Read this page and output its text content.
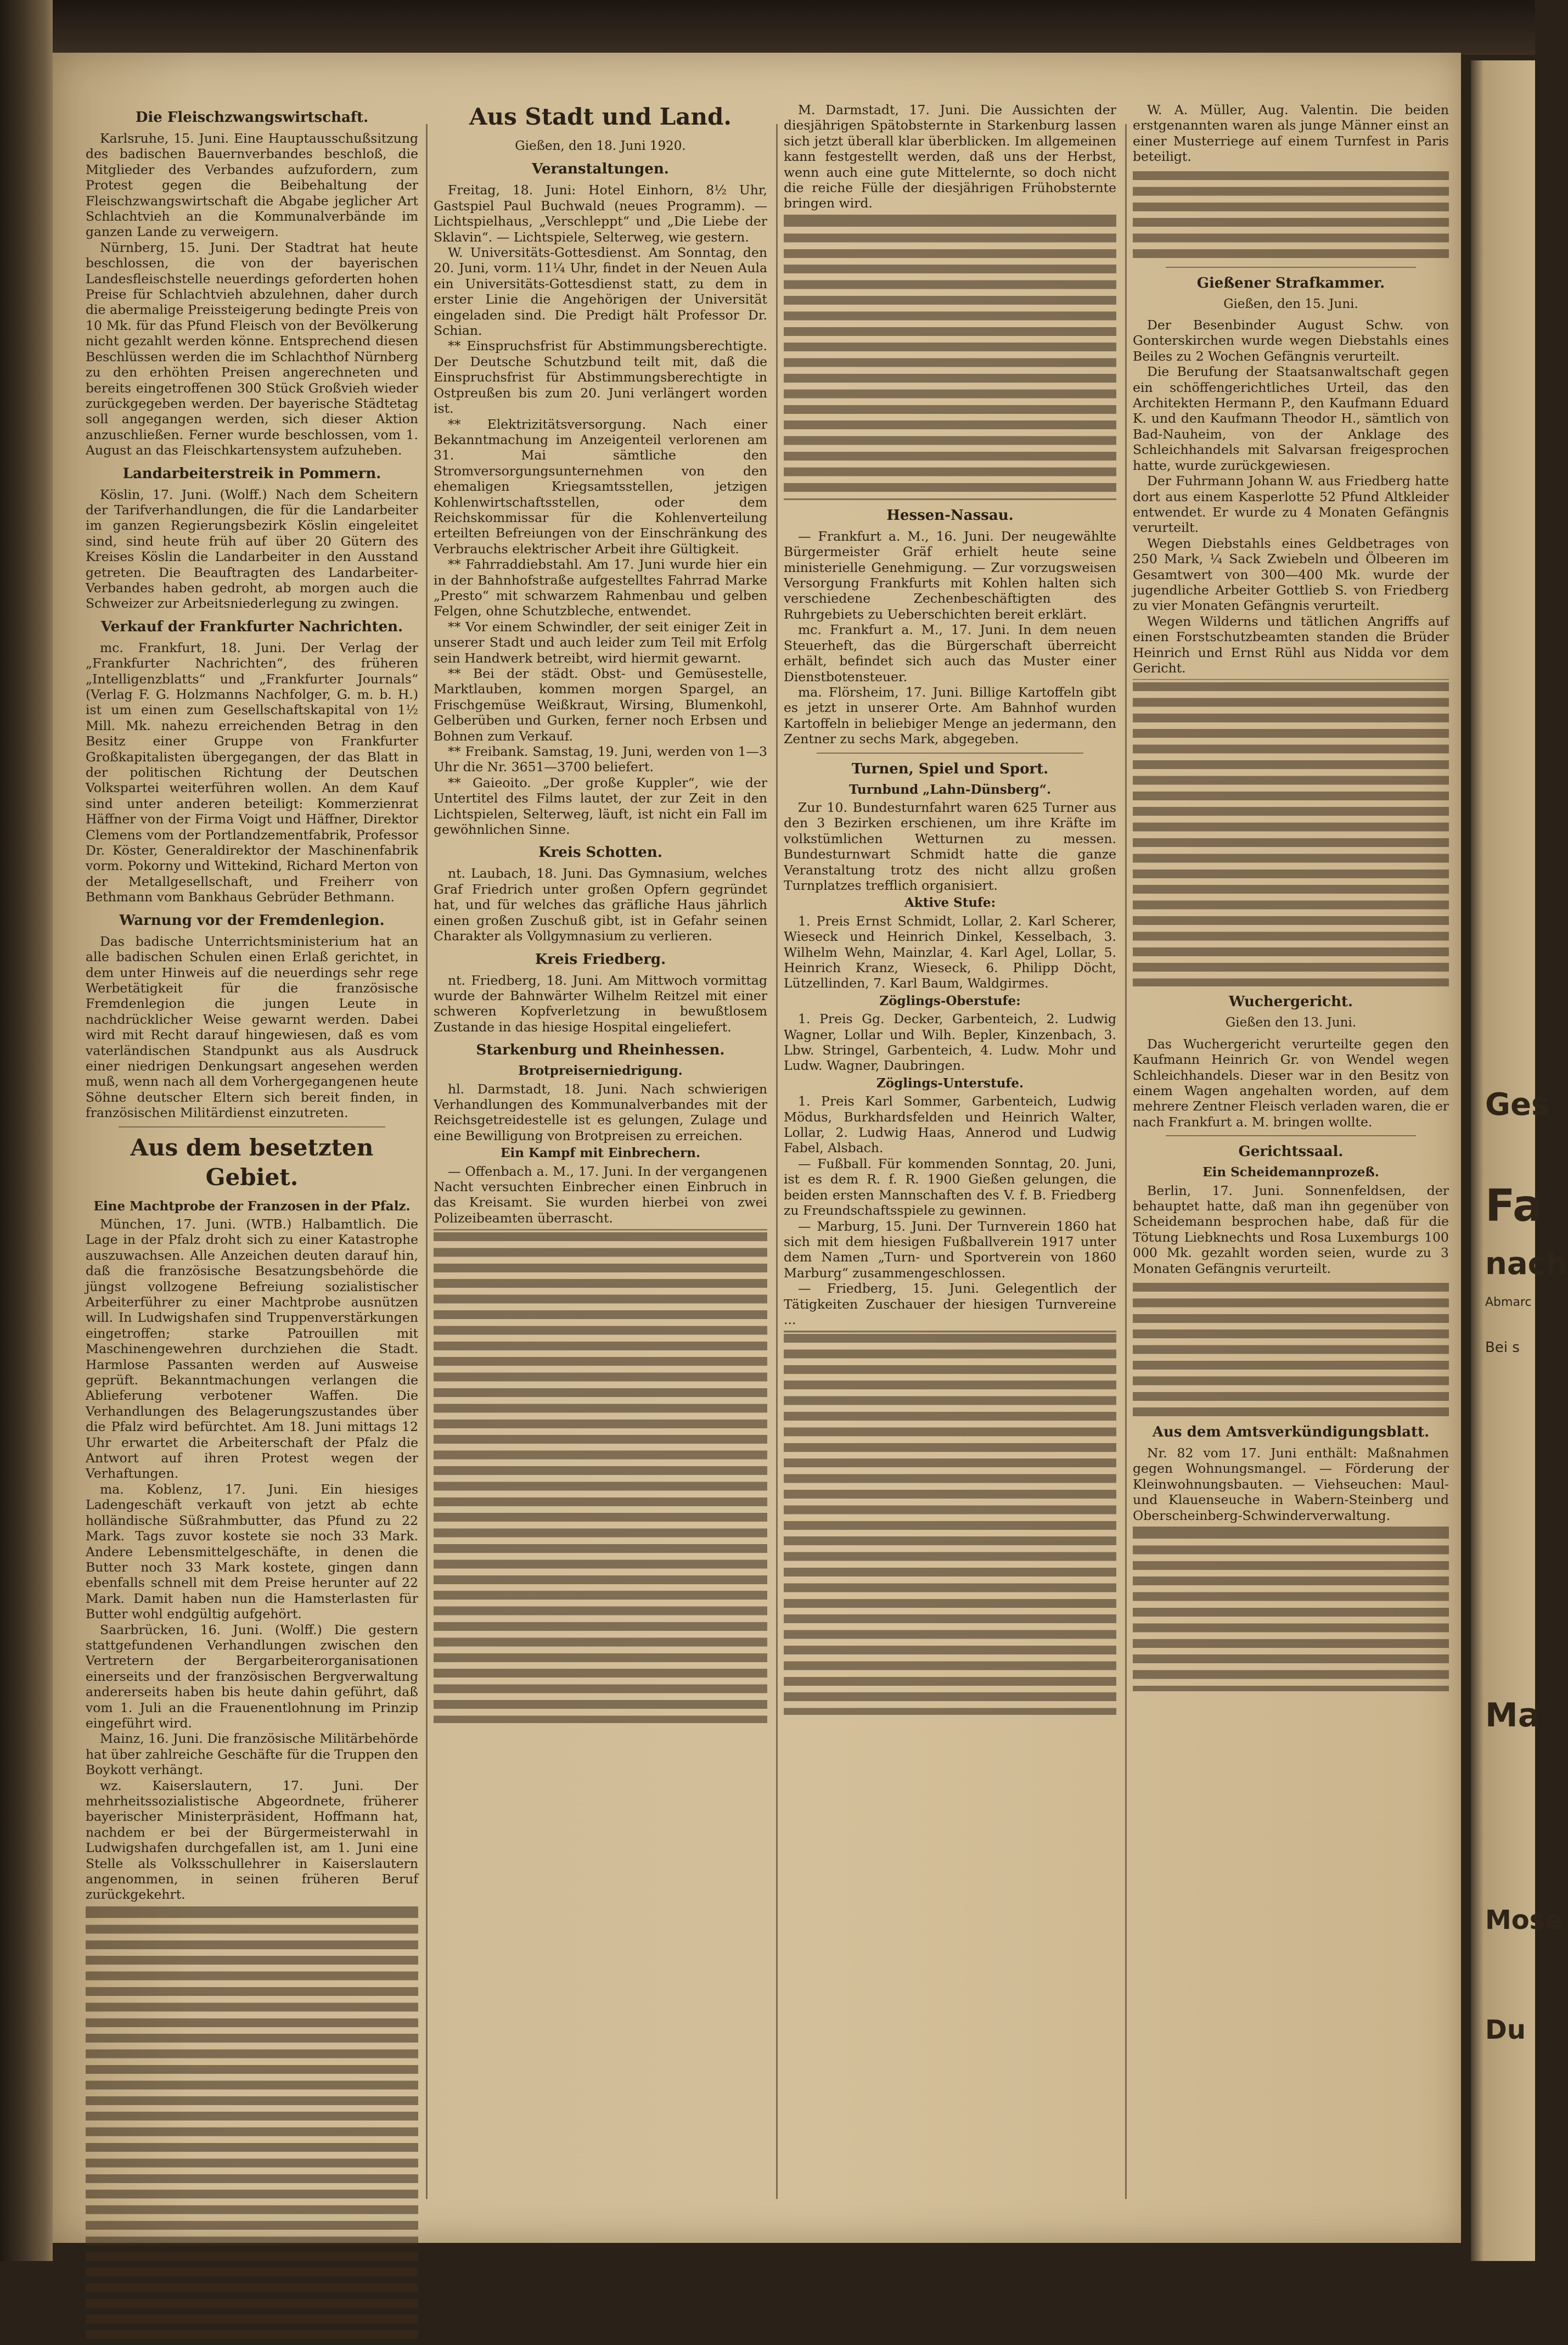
Die Fleischzwangswirtschaft.

Karlsruhe, 15. Juni. Eine Hauptausschußsitzung des badischen Bauernverbandes beschloß, die Mitglieder des Verbandes aufzufordern, zum Protest gegen die Beibehaltung der Fleischzwangswirtschaft die Abgabe jeglicher Art Schlachtvieh an die Kommunalverbände im ganzen Lande zu verweigern.

Nürnberg, 15. Juni. Der Stadtrat hat heute beschlossen, die von der bayerischen Landesfleischstelle neuerdings geforderten hohen Preise für Schlachtvieh abzulehnen, daher durch die abermalige Preissteigerung bedingte Preis von 10 Mk. für das Pfund Fleisch von der Bevölkerung nicht gezahlt werden könne. Entsprechend diesen Beschlüssen werden die im Schlachthof Nürnberg zu den erhöhten Preisen angerechneten und bereits eingetroffenen 300 Stück Großvieh wieder zurückgegeben werden. Der bayerische Städtetag soll angegangen werden, sich dieser Aktion anzuschließen. Ferner wurde beschlossen, vom 1. August an das Fleischkartensystem aufzuheben.

Landarbeiterstreik in Pommern.

Köslin, 17. Juni. (Wolff.) Nach dem Scheitern der Tarifverhandlungen, die für die Landarbeiter im ganzen Regierungsbezirk Köslin eingeleitet sind, sind heute früh auf über 20 Gütern des Kreises Köslin die Landarbeiter in den Ausstand getreten. Die Beauftragten des Landarbeiter-Verbandes haben gedroht, ab morgen auch die Schweizer zur Arbeitsniederlegung zu zwingen.

Verkauf der Frankfurter Nachrichten.

mc. Frankfurt, 18. Juni. Der Verlag der „Frankfurter Nachrichten“, des früheren „Intelligenzblatts“ und „Frankfurter Journals“ (Verlag F. G. Holzmanns Nachfolger, G. m. b. H.) ist um einen zum Gesellschaftskapital von 1½ Mill. Mk. nahezu erreichenden Betrag in den Besitz einer Gruppe von Frankfurter Großkapitalisten übergegangen, der das Blatt in der politischen Richtung der Deutschen Volkspartei weiterführen wollen. An dem Kauf sind unter anderen beteiligt: Kommerzienrat Häffner von der Firma Voigt und Häffner, Direktor Clemens vom der Portlandzementfabrik, Professor Dr. Köster, Generaldirektor der Maschinenfabrik vorm. Pokorny und Wittekind, Richard Merton von der Metallgesellschaft, und Freiherr von Bethmann vom Bankhaus Gebrüder Bethmann.

Warnung vor der Fremdenlegion.

Das badische Unterrichtsministerium hat an alle badischen Schulen einen Erlaß gerichtet, in dem unter Hinweis auf die neuerdings sehr rege Werbetätigkeit für die französische Fremdenlegion die jungen Leute in nachdrücklicher Weise gewarnt werden. Dabei wird mit Recht darauf hingewiesen, daß es vom vaterländischen Standpunkt aus als Ausdruck einer niedrigen Denkungsart angesehen werden muß, wenn nach all dem Vorhergegangenen heute Söhne deutscher Eltern sich bereit finden, in französischen Militärdienst einzutreten.

Aus dem besetzten Gebiet.
Eine Machtprobe der Franzosen in der Pfalz.

München, 17. Juni. (WTB.) Halbamtlich. Die Lage in der Pfalz droht sich zu einer Katastrophe auszuwachsen. Alle Anzeichen deuten darauf hin, daß die französische Besatzungsbehörde die jüngst vollzogene Befreiung sozialistischer Arbeiterführer zu einer Machtprobe ausnützen will. In Ludwigshafen sind Truppenverstärkungen eingetroffen; starke Patrouillen mit Maschinengewehren durchziehen die Stadt. Harmlose Passanten werden auf Ausweise geprüft. Bekanntmachungen verlangen die Ablieferung verbotener Waffen. Die Verhandlungen des Belagerungszustandes über die Pfalz wird befürchtet. Am 18. Juni mittags 12 Uhr erwartet die Arbeiterschaft der Pfalz die Antwort auf ihren Protest wegen der Verhaftungen.

ma. Koblenz, 17. Juni. Ein hiesiges Ladengeschäft verkauft von jetzt ab echte holländische Süßrahmbutter, das Pfund zu 22 Mark. Tags zuvor kostete sie noch 33 Mark. Andere Lebensmittelgeschäfte, in denen die Butter noch 33 Mark kostete, gingen dann ebenfalls schnell mit dem Preise herunter auf 22 Mark. Damit haben nun die Hamsterlasten für Butter wohl endgültig aufgehört.

Saarbrücken, 16. Juni. (Wolff.) Die gestern stattgefundenen Verhandlungen zwischen den Vertretern der Bergarbeiterorganisationen einerseits und der französischen Bergverwaltung andererseits haben bis heute dahin geführt, daß vom 1. Juli an die Frauenentlohnung im Prinzip eingeführt wird.

Mainz, 16. Juni. Die französische Militärbehörde hat über zahlreiche Geschäfte für die Truppen den Boykott verhängt.

wz. Kaiserslautern, 17. Juni. Der mehrheitssozialistische Abgeordnete, früherer bayerischer Ministerpräsident, Hoffmann hat, nachdem er bei der Bürgermeisterwahl in Ludwigshafen durchgefallen ist, am 1. Juni eine Stelle als Volksschullehrer in Kaiserslautern angenommen, in seinen früheren Beruf zurückgekehrt.

Aus Stadt und Land.
Gießen, den 18. Juni 1920.
Veranstaltungen.

Freitag, 18. Juni: Hotel Einhorn, 8½ Uhr, Gastspiel Paul Buchwald (neues Programm). — Lichtspielhaus, „Verschleppt“ und „Die Liebe der Sklavin“. — Lichtspiele, Selterweg, wie gestern.

W. Universitäts-Gottesdienst. Am Sonntag, den 20. Juni, vorm. 11¼ Uhr, findet in der Neuen Aula ein Universitäts-Gottesdienst statt, zu dem in erster Linie die Angehörigen der Universität eingeladen sind. Die Predigt hält Professor Dr. Schian.

** Einspruchsfrist für Abstimmungsberechtigte. Der Deutsche Schutzbund teilt mit, daß die Einspruchsfrist für Abstimmungsberechtigte in Ostpreußen bis zum 20. Juni verlängert worden ist.

** Elektrizitätsversorgung. Nach einer Bekanntmachung im Anzeigenteil verlorenen am 31. Mai sämtliche den Stromversorgungsunternehmen von den ehemaligen Kriegsamtsstellen, jetzigen Kohlenwirtschaftsstellen, oder dem Reichskommissar für die Kohlenverteilung erteilten Befreiungen von der Einschränkung des Verbrauchs elektrischer Arbeit ihre Gültigkeit.

** Fahrraddiebstahl. Am 17. Juni wurde hier ein in der Bahnhofstraße aufgestelltes Fahrrad Marke „Presto“ mit schwarzem Rahmenbau und gelben Felgen, ohne Schutzbleche, entwendet.

** Vor einem Schwindler, der seit einiger Zeit in unserer Stadt und auch leider zum Teil mit Erfolg sein Handwerk betreibt, wird hiermit gewarnt.

** Bei der städt. Obst- und Gemüsestelle, Marktlauben, kommen morgen Spargel, an Frischgemüse Weißkraut, Wirsing, Blumenkohl, Gelberüben und Gurken, ferner noch Erbsen und Bohnen zum Verkauf.

** Freibank. Samstag, 19. Juni, werden von 1—3 Uhr die Nr. 3651—3700 beliefert.

** Gaieoito. „Der große Kuppler“, wie der Untertitel des Films lautet, der zur Zeit in den Lichtspielen, Selterweg, läuft, ist nicht ein Fall im gewöhnlichen Sinne.

Kreis Schotten.

nt. Laubach, 18. Juni. Das Gymnasium, welches Graf Friedrich unter großen Opfern gegründet hat, und für welches das gräfliche Haus jährlich einen großen Zuschuß gibt, ist in Gefahr seinen Charakter als Vollgymnasium zu verlieren.

Kreis Friedberg.

nt. Friedberg, 18. Juni. Am Mittwoch vormittag wurde der Bahnwärter Wilhelm Reitzel mit einer schweren Kopfverletzung in bewußtlosem Zustande in das hiesige Hospital eingeliefert.

Starkenburg und Rheinhessen.
Brotpreiserniedrigung.

hl. Darmstadt, 18. Juni. Nach schwierigen Verhandlungen des Kommunalverbandes mit der Reichsgetreidestelle ist es gelungen, Zulage und eine Bewilligung von Brotpreisen zu erreichen.

Ein Kampf mit Einbrechern.

— Offenbach a. M., 17. Juni. In der vergangenen Nacht versuchten Einbrecher einen Einbruch in das Kreisamt. Sie wurden hierbei von zwei Polizeibeamten überrascht.

M. Darmstadt, 17. Juni. Die Aussichten der diesjährigen Spätobsternte in Starkenburg lassen sich jetzt überall klar überblicken. Im allgemeinen kann festgestellt werden, daß uns der Herbst, wenn auch eine gute Mittelernte, so doch nicht die reiche Fülle der diesjährigen Frühobsternte bringen wird.

Hessen-Nassau.

— Frankfurt a. M., 16. Juni. Der neugewählte Bürgermeister Gräf erhielt heute seine ministerielle Genehmigung. — Zur vorzugsweisen Versorgung Frankfurts mit Kohlen halten sich verschiedene Zechenbeschäftigten des Ruhrgebiets zu Ueberschichten bereit erklärt.

mc. Frankfurt a. M., 17. Juni. In dem neuen Steuerheft, das die Bürgerschaft überreicht erhält, befindet sich auch das Muster einer Dienstbotensteuer.

ma. Flörsheim, 17. Juni. Billige Kartoffeln gibt es jetzt in unserer Orte. Am Bahnhof wurden Kartoffeln in beliebiger Menge an jedermann, den Zentner zu sechs Mark, abgegeben.

Turnen, Spiel und Sport.
Turnbund „Lahn-Dünsberg“.

Zur 10. Bundesturnfahrt waren 625 Turner aus den 3 Bezirken erschienen, um ihre Kräfte im volkstümlichen Wetturnen zu messen. Bundesturnwart Schmidt hatte die ganze Veranstaltung trotz des nicht allzu großen Turnplatzes trefflich organisiert.

Aktive Stufe:

1. Preis Ernst Schmidt, Lollar, 2. Karl Scherer, Wieseck und Heinrich Dinkel, Kesselbach, 3. Wilhelm Wehn, Mainzlar, 4. Karl Agel, Lollar, 5. Heinrich Kranz, Wieseck, 6. Philipp Döcht, Lützellinden, 7. Karl Baum, Waldgirmes.

Zöglings-Oberstufe:

1. Preis Gg. Decker, Garbenteich, 2. Ludwig Wagner, Lollar und Wilh. Bepler, Kinzenbach, 3. Lbw. Stringel, Garbenteich, 4. Ludw. Mohr und Ludw. Wagner, Daubringen.

Zöglings-Unterstufe.

1. Preis Karl Sommer, Garbenteich, Ludwig Mödus, Burkhardsfelden und Heinrich Walter, Lollar, 2. Ludwig Haas, Annerod und Ludwig Fabel, Alsbach.

— Fußball. Für kommenden Sonntag, 20. Juni, ist es dem R. f. R. 1900 Gießen gelungen, die beiden ersten Mannschaften des V. f. B. Friedberg zu Freundschaftsspiele zu gewinnen.

— Marburg, 15. Juni. Der Turnverein 1860 hat sich mit dem hiesigen Fußballverein 1917 unter dem Namen „Turn- und Sportverein von 1860 Marburg“ zusammengeschlossen.

— Friedberg, 15. Juni. Gelegentlich der Tätigkeiten Zuschauer der hiesigen Turnvereine ...

W. A. Müller, Aug. Valentin. Die beiden erstgenannten waren als junge Männer einst an einer Musterriege auf einem Turnfest in Paris beteiligt.

Gießener Strafkammer.
Gießen, den 15. Juni.

Der Besenbinder August Schw. von Gonterskirchen wurde wegen Diebstahls eines Beiles zu 2 Wochen Gefängnis verurteilt.

Die Berufung der Staatsanwaltschaft gegen ein schöffengerichtliches Urteil, das den Architekten Hermann P., den Kaufmann Eduard K. und den Kaufmann Theodor H., sämtlich von Bad-Nauheim, von der Anklage des Schleichhandels mit Salvarsan freigesprochen hatte, wurde zurückgewiesen.

Der Fuhrmann Johann W. aus Friedberg hatte dort aus einem Kasperlotte 52 Pfund Altkleider entwendet. Er wurde zu 4 Monaten Gefängnis verurteilt.

Wegen Diebstahls eines Geldbetrages von 250 Mark, ¼ Sack Zwiebeln und Ölbeeren im Gesamtwert von 300—400 Mk. wurde der jugendliche Arbeiter Gottlieb S. von Friedberg zu vier Monaten Gefängnis verurteilt.

Wegen Wilderns und tätlichen Angriffs auf einen Forstschutzbeamten standen die Brüder Heinrich und Ernst Rühl aus Nidda vor dem Gericht.

Wuchergericht.
Gießen den 13. Juni.

Das Wuchergericht verurteilte gegen den Kaufmann Heinrich Gr. von Wendel wegen Schleichhandels. Dieser war in den Besitz von einem Wagen angehalten worden, auf dem mehrere Zentner Fleisch verladen waren, die er nach Frankfurt a. M. bringen wollte.

Gerichtssaal.
Ein Scheidemannprozeß.

Berlin, 17. Juni. Sonnenfeldsen, der behauptet hatte, daß man ihn gegenüber von Scheidemann besprochen habe, daß für die Tötung Liebknechts und Rosa Luxemburgs 100 000 Mk. gezahlt worden seien, wurde zu 3 Monaten Gefängnis verurteilt.

Aus dem Amtsverkündigungsblatt.

Nr. 82 vom 17. Juni enthält: Maßnahmen gegen Wohnungsmangel. — Förderung der Kleinwohnungsbauten. — Viehseuchen: Maul- und Klauenseuche in Wabern-Steinberg und Oberscheinberg-Schwinderverwaltung.

Ges
Fa
nach
Abmarc
Bei s
Ma
Mose
Du
